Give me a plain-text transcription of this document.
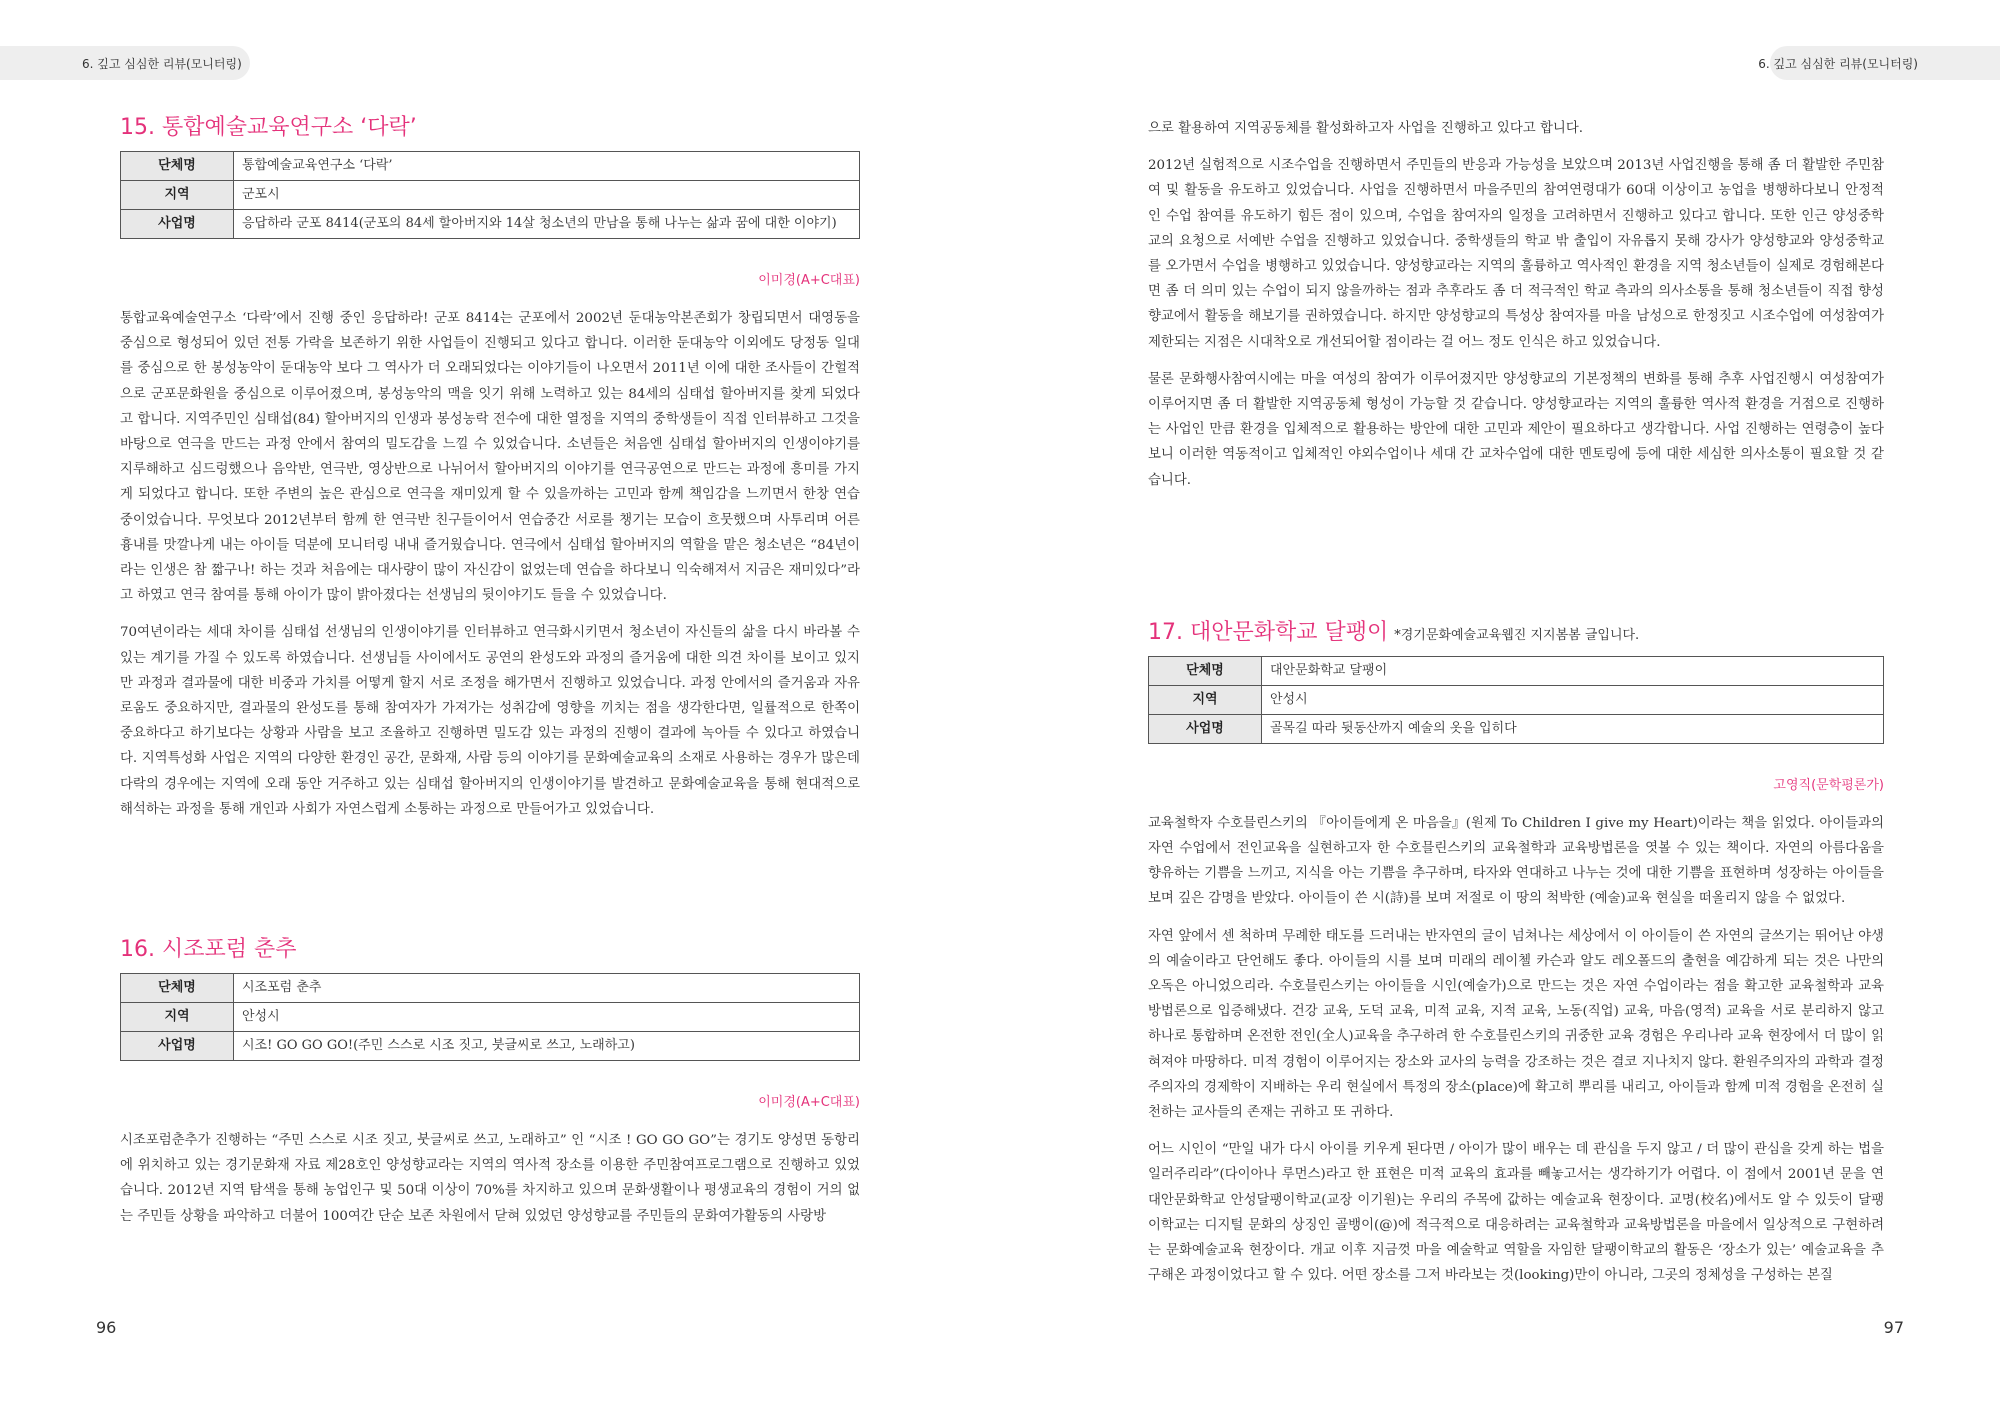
6. 깊고 심심한 리뷰(모니터링)
15. 통합예술교육연구소 ‘다락’
단체명	통합예술교육연구소 ‘다락’
지역	군포시
사업명	응답하라 군포 8414(군포의 84세 할아버지와 14살 청소년의 만남을 통해 나누는 삶과 꿈에 대한 이야기)
이미경(A+C대표)

통합교육예술연구소 ‘다락’에서 진행 중인 응답하라! 군포 8414는 군포에서 2002년 둔대농악본존회가 창립되면서 대영동을 중심으로 형성되어 있던 전통 가락을 보존하기 위한 사업들이 진행되고 있다고 합니다. 이러한 둔대농악 이외에도 당정동 일대를 중심으로 한 봉성농악이 둔대농악 보다 그 역사가 더 오래되었다는 이야기들이 나오면서 2011년 이에 대한 조사들이 간헐적으로 군포문화원을 중심으로 이루어졌으며, 봉성농악의 맥을 잇기 위해 노력하고 있는 84세의 심태섭 할아버지를 찾게 되었다고 합니다. 지역주민인 심태섭(84) 할아버지의 인생과 봉성농락 전수에 대한 열정을 지역의 중학생들이 직접 인터뷰하고 그것을 바탕으로 연극을 만드는 과정 안에서 참여의 밀도감을 느낄 수 있었습니다. 소년들은 처음엔 심태섭 할아버지의 인생이야기를 지루해하고 심드렁했으나 음악반, 연극반, 영상반으로 나뉘어서 할아버지의 이야기를 연극공연으로 만드는 과정에 흥미를 가지게 되었다고 합니다. 또한 주변의 높은 관심으로 연극을 재미있게 할 수 있을까하는 고민과 함께 책임감을 느끼면서 한창 연습 중이었습니다. 무엇보다 2012년부터 함께 한 연극반 친구들이어서 연습중간 서로를 챙기는 모습이 흐뭇했으며 사투리며 어른 흉내를 맛깔나게 내는 아이들 덕분에 모니터링 내내 즐거웠습니다. 연극에서 심태섭 할아버지의 역할을 맡은 청소년은 “84년이라는 인생은 참 짧구나! 하는 것과 처음에는 대사량이 많이 자신감이 없었는데 연습을 하다보니 익숙해져서 지금은 재미있다”라고 하였고 연극 참여를 통해 아이가 많이 밝아졌다는 선생님의 뒷이야기도 들을 수 있었습니다.

70여년이라는 세대 차이를 심태섭 선생님의 인생이야기를 인터뷰하고 연극화시키면서 청소년이 자신들의 삶을 다시 바라볼 수 있는 계기를 가질 수 있도록 하였습니다. 선생님들 사이에서도 공연의 완성도와 과정의 즐거움에 대한 의견 차이를 보이고 있지만 과정과 결과물에 대한 비중과 가치를 어떻게 할지 서로 조정을 해가면서 진행하고 있었습니다. 과정 안에서의 즐거움과 자유로움도 중요하지만, 결과물의 완성도를 통해 참여자가 가져가는 성취감에 영향을 끼치는 점을 생각한다면, 일률적으로 한쪽이 중요하다고 하기보다는 상황과 사람을 보고 조율하고 진행하면 밀도감 있는 과정의 진행이 결과에 녹아들 수 있다고 하였습니다. 지역특성화 사업은 지역의 다양한 환경인 공간, 문화재, 사람 등의 이야기를 문화예술교육의 소재로 사용하는 경우가 많은데 다락의 경우에는 지역에 오래 동안 거주하고 있는 심태섭 할아버지의 인생이야기를 발견하고 문화예술교육을 통해 현대적으로 해석하는 과정을 통해 개인과 사회가 자연스럽게 소통하는 과정으로 만들어가고 있었습니다.

16. 시조포럼 춘추
단체명	시조포럼 춘추
지역	안성시
사업명	시조! GO GO GO!(주민 스스로 시조 짓고, 붓글씨로 쓰고, 노래하고)
이미경(A+C대표)

시조포럼춘추가 진행하는 “주민 스스로 시조 짓고, 붓글씨로 쓰고, 노래하고” 인 “시조 ! GO GO GO”는 경기도 양성면 동항리에 위치하고 있는 경기문화재 자료 제28호인 양성향교라는 지역의 역사적 장소를 이용한 주민참여프로그램으로 진행하고 있었습니다. 2012년 지역 탐색을 통해 농업인구 및 50대 이상이 70%를 차지하고 있으며 문화생활이나 평생교육의 경험이 거의 없는 주민들 상황을 파악하고 더불어 100여간 단순 보존 차원에서 닫혀 있었던 양성향교를 주민들의 문화여가활동의 사랑방

96
6. 깊고 심심한 리뷰(모니터링)

으로 활용하여 지역공동체를 활성화하고자 사업을 진행하고 있다고 합니다.

2012년 실험적으로 시조수업을 진행하면서 주민들의 반응과 가능성을 보았으며 2013년 사업진행을 통해 좀 더 활발한 주민참여 및 활동을 유도하고 있었습니다. 사업을 진행하면서 마을주민의 참여연령대가 60대 이상이고 농업을 병행하다보니 안정적인 수업 참여를 유도하기 힘든 점이 있으며, 수업을 참여자의 일정을 고려하면서 진행하고 있다고 합니다. 또한 인근 양성중학교의 요청으로 서예반 수업을 진행하고 있었습니다. 중학생들의 학교 밖 출입이 자유롭지 못해 강사가 양성향교와 양성중학교를 오가면서 수업을 병행하고 있었습니다. 양성향교라는 지역의 훌륭하고 역사적인 환경을 지역 청소년들이 실제로 경험해본다면 좀 더 의미 있는 수업이 되지 않을까하는 점과 추후라도 좀 더 적극적인 학교 측과의 의사소통을 통해 청소년들이 직접 향성향교에서 활동을 해보기를 권하였습니다. 하지만 양성향교의 특성상 참여자를 마을 남성으로 한정짓고 시조수업에 여성참여가 제한되는 지점은 시대착오로 개선되어할 점이라는 걸 어느 정도 인식은 하고 있었습니다.

물론 문화행사참여시에는 마을 여성의 참여가 이루어졌지만 양성향교의 기본정책의 변화를 통해 추후 사업진행시 여성참여가 이루어지면 좀 더 활발한 지역공동체 형성이 가능할 것 같습니다. 양성향교라는 지역의 훌륭한 역사적 환경을 거점으로 진행하는 사업인 만큼 환경을 입체적으로 활용하는 방안에 대한 고민과 제안이 필요하다고 생각합니다. 사업 진행하는 연령층이 높다보니 이러한 역동적이고 입체적인 야외수업이나 세대 간 교차수업에 대한 멘토링에 등에 대한 세심한 의사소통이 필요할 것 같습니다.

17. 대안문화학교 달팽이 *경기문화예술교육웹진 지지봄봄 글입니다.
단체명	대안문화학교 달팽이
지역	안성시
사업명	골목길 따라 뒷동산까지 예술의 옷을 입히다
고영직(문학평론가)

교육철학자 수호믈린스키의 『아이들에게 온 마음을』(원제 To Children I give my Heart)이라는 책을 읽었다. 아이들과의 자연 수업에서 전인교육을 실현하고자 한 수호믈린스키의 교육철학과 교육방법론을 엿볼 수 있는 책이다. 자연의 아름다움을 향유하는 기쁨을 느끼고, 지식을 아는 기쁨을 추구하며, 타자와 연대하고 나누는 것에 대한 기쁨을 표현하며 성장하는 아이들을 보며 깊은 감명을 받았다. 아이들이 쓴 시(詩)를 보며 저절로 이 땅의 척박한 (예술)교육 현실을 떠올리지 않을 수 없었다.

자연 앞에서 센 척하며 무례한 태도를 드러내는 반자연의 글이 넘쳐나는 세상에서 이 아이들이 쓴 자연의 글쓰기는 뛰어난 야생의 예술이라고 단언해도 좋다. 아이들의 시를 보며 미래의 레이첼 카슨과 알도 레오폴드의 출현을 예감하게 되는 것은 나만의 오독은 아니었으리라. 수호믈린스키는 아이들을 시인(예술가)으로 만드는 것은 자연 수업이라는 점을 확고한 교육철학과 교육방법론으로 입증해냈다. 건강 교육, 도덕 교육, 미적 교육, 지적 교육, 노동(직업) 교육, 마음(영적) 교육을 서로 분리하지 않고 하나로 통합하며 온전한 전인(全人)교육을 추구하려 한 수호믈린스키의 귀중한 교육 경험은 우리나라 교육 현장에서 더 많이 읽혀져야 마땅하다. 미적 경험이 이루어지는 장소와 교사의 능력을 강조하는 것은 결코 지나치지 않다. 환원주의자의 과학과 결정주의자의 경제학이 지배하는 우리 현실에서 특정의 장소(place)에 확고히 뿌리를 내리고, 아이들과 함께 미적 경험을 온전히 실천하는 교사들의 존재는 귀하고 또 귀하다.

어느 시인이 “만일 내가 다시 아이를 키우게 된다면 / 아이가 많이 배우는 데 관심을 두지 않고 / 더 많이 관심을 갖게 하는 법을 일러주리라”(다이아나 루먼스)라고 한 표현은 미적 교육의 효과를 빼놓고서는 생각하기가 어렵다. 이 점에서 2001년 문을 연 대안문화학교 안성달팽이학교(교장 이기원)는 우리의 주목에 값하는 예술교육 현장이다. 교명(校名)에서도 알 수 있듯이 달팽이학교는 디지털 문화의 상징인 골뱅이(@)에 적극적으로 대응하려는 교육철학과 교육방법론을 마을에서 일상적으로 구현하려는 문화예술교육 현장이다. 개교 이후 지금껏 마을 예술학교 역할을 자임한 달팽이학교의 활동은 ‘장소가 있는’ 예술교육을 추구해온 과정이었다고 할 수 있다. 어떤 장소를 그저 바라보는 것(looking)만이 아니라, 그곳의 정체성을 구성하는 본질

97
